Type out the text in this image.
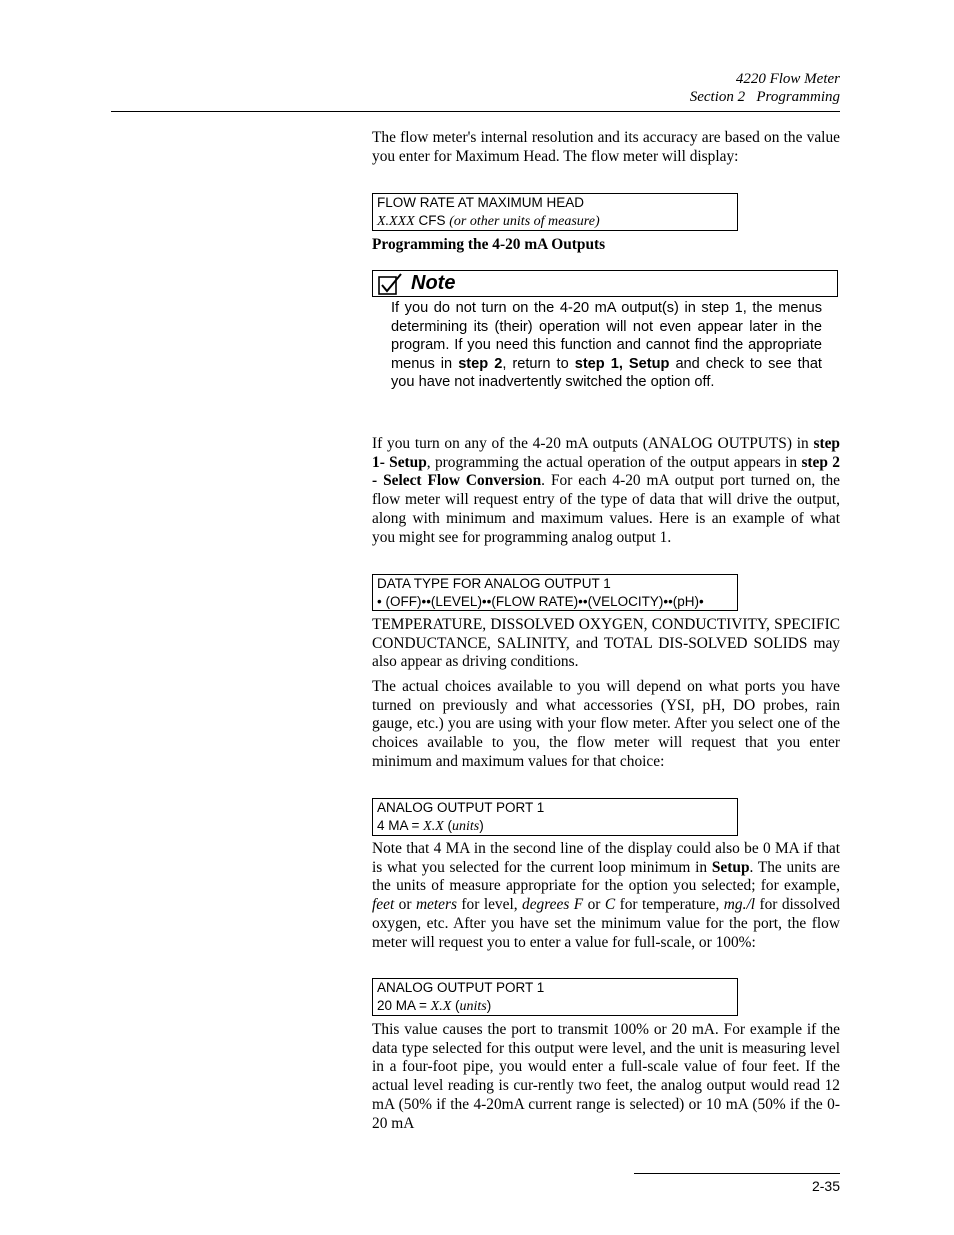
4220 Flow Meter
Section 2   Programming

The flow meter's internal resolution and its accuracy are based on the value you enter for Maximum Head. The flow meter will display:

FLOW RATE AT MAXIMUM HEAD
X.XXX CFS (or other units of measure)
Programming the 4-20 mA Outputs
Note
If you do not turn on the 4-20 mA output(s) in step 1, the menus determining its (their) operation will not even appear later in the program. If you need this function and cannot find the appropriate menus in step 2, return to step 1, Setup and check to see that you have not inadvertently switched the option off.

If you turn on any of the 4-20 mA outputs (ANALOG OUTPUTS) in step 1- Setup, programming the actual operation of the output appears in step 2 - Select Flow Conversion. For each 4-20 mA output port turned on, the flow meter will request entry of the type of data that will drive the output, along with minimum and maximum values. Here is an example of what you might see for programming analog output 1.

DATA TYPE FOR ANALOG OUTPUT 1
• (OFF)••(LEVEL)••(FLOW RATE)••(VELOCITY)••(pH)•

TEMPERATURE, DISSOLVED OXYGEN, CONDUCTIVITY, SPECIFIC CONDUCTANCE, SALINITY, and TOTAL DIS-SOLVED SOLIDS may also appear as driving conditions.

The actual choices available to you will depend on what ports you have turned on previously and what accessories (YSI, pH, DO probes, rain gauge, etc.) you are using with your flow meter. After you select one of the choices available to you, the flow meter will request that you enter minimum and maximum values for that choice:

ANALOG OUTPUT PORT 1
4 MA = X.X (units)

Note that 4 MA in the second line of the display could also be 0 MA if that is what you selected for the current loop minimum in Setup. The units are the units of measure appropriate for the option you selected; for example, feet or meters for level, degrees F or C for temperature, mg./l for dissolved oxygen, etc. After you have set the minimum value for the port, the flow meter will request you to enter a value for full-scale, or 100%:

ANALOG OUTPUT PORT 1
20 MA = X.X (units)

This value causes the port to transmit 100% or 20 mA. For example if the data type selected for this output were level, and the unit is measuring level in a four-foot pipe, you would enter a full-scale value of four feet. If the actual level reading is cur-rently two feet, the analog output would read 12 mA (50% if the 4-20mA current range is selected) or 10 mA (50% if the 0-20 mA

2-35
